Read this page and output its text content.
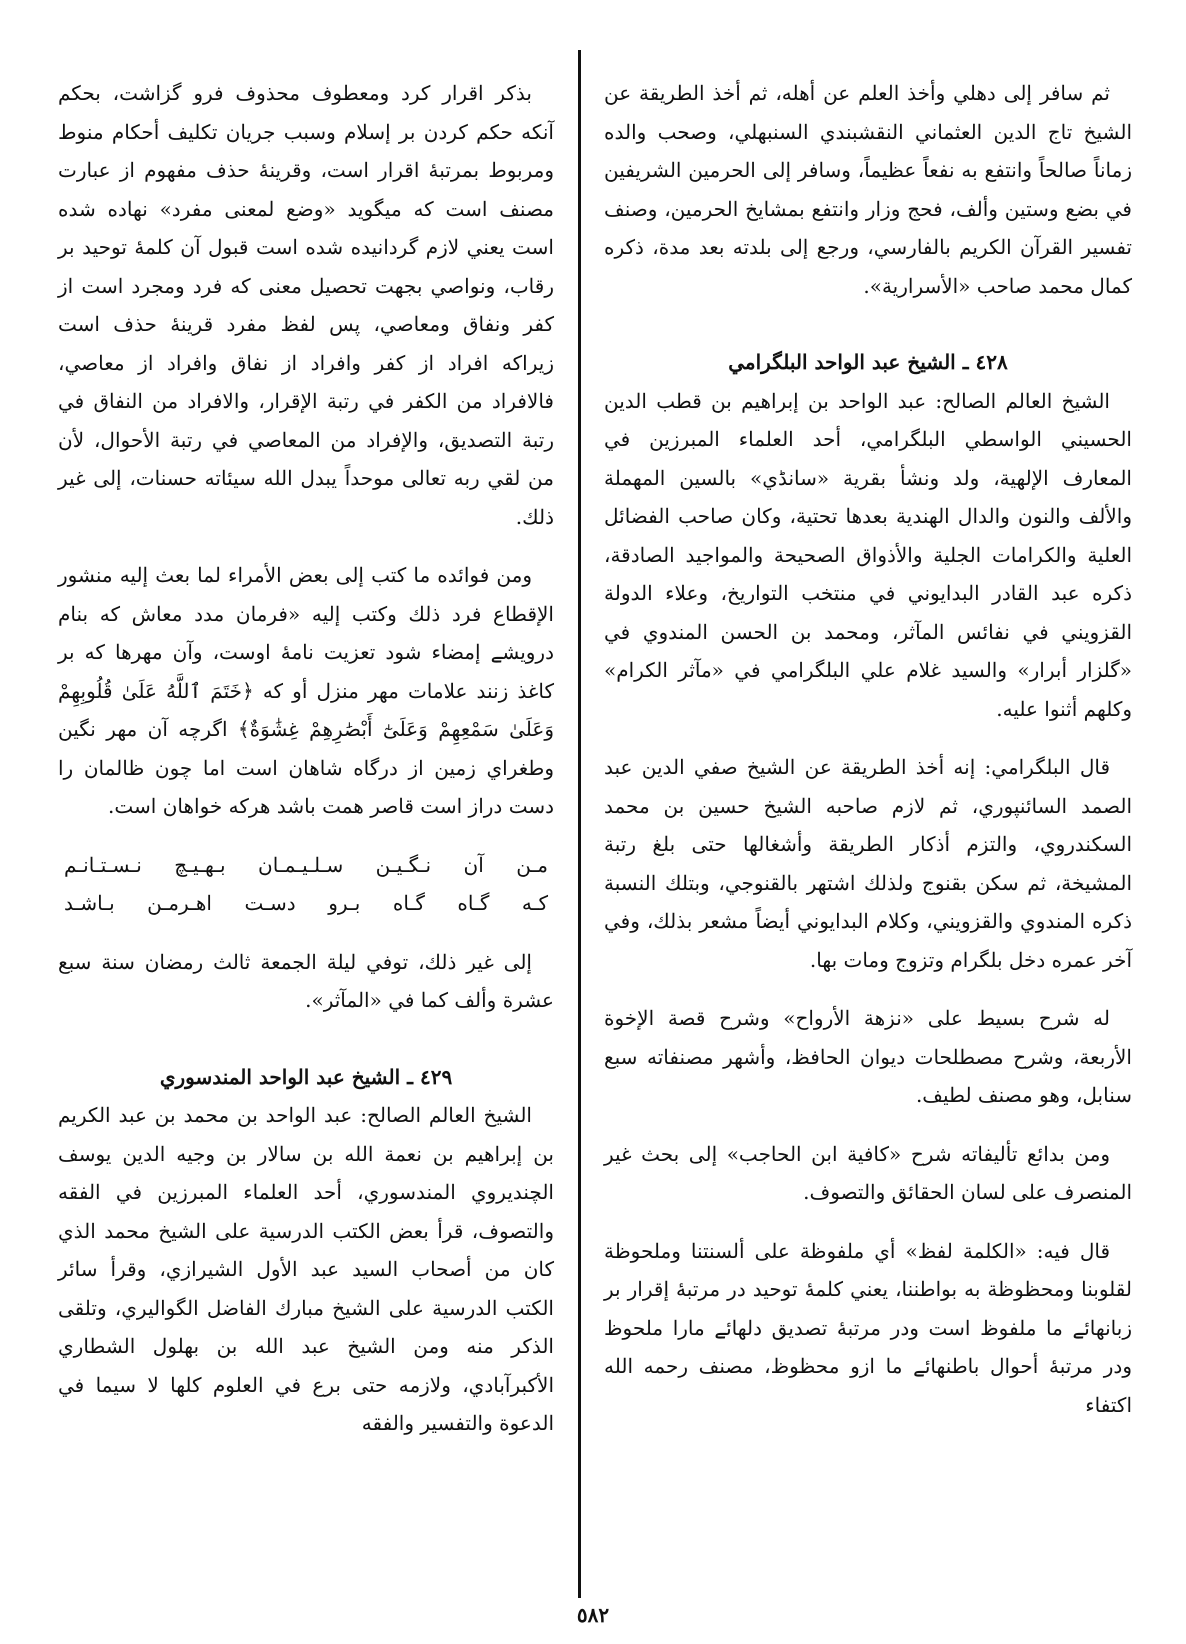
ثم سافر إلى دهلي وأخذ العلم عن أهله، ثم أخذ الطريقة عن الشيخ تاج الدين العثماني النقشبندي السنبهلي، وصحب والده زماناً صالحاً وانتفع به نفعاً عظيماً، وسافر إلى الحرمين الشريفين في بضع وستين وألف، فحج وزار وانتفع بمشايخ الحرمين، وصنف تفسير القرآن الكريم بالفارسي، ورجع إلى بلدته بعد مدة، ذكره كمال محمد صاحب «الأسرارية».

٤٢٨ ـ الشيخ عبد الواحد البلگرامي

الشيخ العالم الصالح: عبد الواحد بن إبراهيم بن قطب الدين الحسيني الواسطي البلگرامي، أحد العلماء المبرزين في المعارف الإلهية، ولد ونشأ بقرية «سانڈي» بالسين المهملة والألف والنون والدال الهندية بعدها تحتية، وكان صاحب الفضائل العلية والكرامات الجلية والأذواق الصحيحة والمواجيد الصادقة، ذكره عبد القادر البدايوني في منتخب التواريخ، وعلاء الدولة القزويني في نفائس المآثر، ومحمد بن الحسن المندوي في «گلزار أبرار» والسيد غلام علي البلگرامي في «مآثر الكرام» وكلهم أثنوا عليه.

قال البلگرامي: إنه أخذ الطريقة عن الشيخ صفي الدين عبد الصمد السائنپوري، ثم لازم صاحبه الشيخ حسين بن محمد السكندروي، والتزم أذكار الطريقة وأشغالها حتى بلغ رتبة المشيخة، ثم سكن بقنوج ولذلك اشتهر بالقنوجي، وبتلك النسبة ذكره المندوي والقزويني، وكلام البدايوني أيضاً مشعر بذلك، وفي آخر عمره دخل بلگرام وتزوج ومات بها.

له شرح بسيط على «نزهة الأرواح» وشرح قصة الإخوة الأربعة، وشرح مصطلحات ديوان الحافظ، وأشهر مصنفاته سبع سنابل، وهو مصنف لطيف.

ومن بدائع تأليفاته شرح «كافية ابن الحاجب» إلى بحث غير المنصرف على لسان الحقائق والتصوف.

قال فيه: «الكلمة لفظ» أي ملفوظة على ألسنتنا وملحوظة لقلوبنا ومحظوظة به بواطننا، يعني كلمهٔ توحيد در مرتبهٔ إقرار بر زبانهائے ما ملفوظ است ودر مرتبهٔ تصديق دلهائے مارا ملحوظ ودر مرتبهٔ أحوال باطنهائے ما ازو محظوظ، مصنف رحمه الله اكتفاء

بذكر اقرار كرد ومعطوف محذوف فرو گزاشت، بحكم آنكه حكم كردن بر إسلام وسبب جريان تكليف أحكام منوط ومربوط بمرتبهٔ اقرار است، وقرينهٔ حذف مفهوم از عبارت مصنف است كه ميگويد «وضع لمعنى مفرد» نهاده شده است يعني لازم گردانيده شده است قبول آن كلمهٔ توحيد بر رقاب، ونواصي بجهت تحصيل معنى كه فرد ومجرد است از كفر ونفاق ومعاصي، پس لفظ مفرد قرينهٔ حذف است زيراكه افراد از كفر وافراد از نفاق وافراد از معاصي، فالافراد من الكفر في رتبة الإقرار، والافراد من النفاق في رتبة التصديق، والإفراد من المعاصي في رتبة الأحوال، لأن من لقي ربه تعالى موحداً يبدل الله سيئاته حسنات، إلى غير ذلك.

ومن فوائده ما كتب إلى بعض الأمراء لما بعث إليه منشور الإقطاع فرد ذلك وكتب إليه «فرمان مدد معاش كه بنام درويشے إمضاء شود تعزيت نامهٔ اوست، وآن مهرها كه بر كاغذ زنند علامات مهر منزل أو كه ﴿خَتَمَ ٱللَّهُ عَلَىٰ قُلُوبِهِمْ وَعَلَىٰ سَمْعِهِمْ وَعَلَىٰٓ أَبْصَٰرِهِمْ غِشَٰوَةٌ﴾ اگرچه آن مهر نگين وطغراي زمين از درگاه شاهان است اما چون ظالمان را دست دراز است قاصر همت باشد هركه خواهان است.

مـن آن نـگـيـن سـلـيـمـان بـهـيـچ نـسـتـانـم
كـه گـاه گـاه بـرو دسـت اهـرمـن بـاشـد

إلى غير ذلك، توفي ليلة الجمعة ثالث رمضان سنة سبع عشرة وألف كما في «المآثر».

٤٢٩ ـ الشيخ عبد الواحد المندسوري

الشيخ العالم الصالح: عبد الواحد بن محمد بن عبد الكريم بن إبراهيم بن نعمة الله بن سالار بن وجيه الدين يوسف الچنديروي المندسوري، أحد العلماء المبرزين في الفقه والتصوف، قرأ بعض الكتب الدرسية على الشيخ محمد الذي كان من أصحاب السيد عبد الأول الشيرازي، وقرأ سائر الكتب الدرسية على الشيخ مبارك الفاضل الگواليري، وتلقى الذكر منه ومن الشيخ عبد الله بن بهلول الشطاري الأكبرآبادي، ولازمه حتى برع في العلوم كلها لا سيما في الدعوة والتفسير والفقه

٥٨٢
